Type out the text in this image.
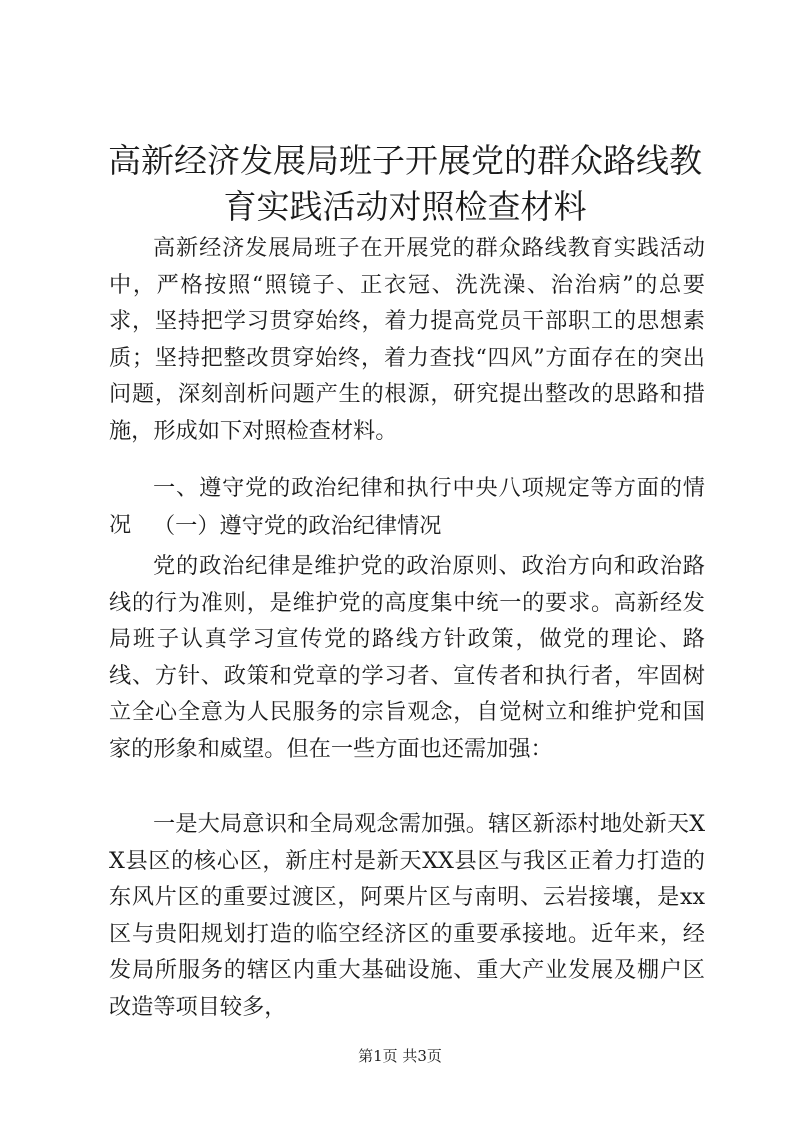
高新经济发展局班子开展党的群众路线教育实践活动对照检查材料

高新经济发展局班子在开展党的群众路线教育实践活动中，严格按照“照镜子、正衣冠、洗洗澡、治治病”的总要求，坚持把学习贯穿始终，着力提高党员干部职工的思想素质；坚持把整改贯穿始终，着力查找“四风”方面存在的突出问题，深刻剖析问题产生的根源，研究提出整改的思路和措施，形成如下对照检查材料。

一、遵守党的政治纪律和执行中央八项规定等方面的情况 （一）遵守党的政治纪律情况

党的政治纪律是维护党的政治原则、政治方向和政治路线的行为准则，是维护党的高度集中统一的要求。高新经发局班子认真学习宣传党的路线方针政策，做党的理论、路线、方针、政策和党章的学习者、宣传者和执行者，牢固树立全心全意为人民服务的宗旨观念，自觉树立和维护党和国家的形象和威望。但在一些方面也还需加强：

一是大局意识和全局观念需加强。辖区新添村地处新天XX县区的核心区，新庄村是新天XX县区与我区正着力打造的东风片区的重要过渡区，阿栗片区与南明、云岩接壤，是xx区与贵阳规划打造的临空经济区的重要承接地。近年来，经发局所服务的辖区内重大基础设施、重大产业发展及棚户区改造等项目较多，

第1页 共3页
